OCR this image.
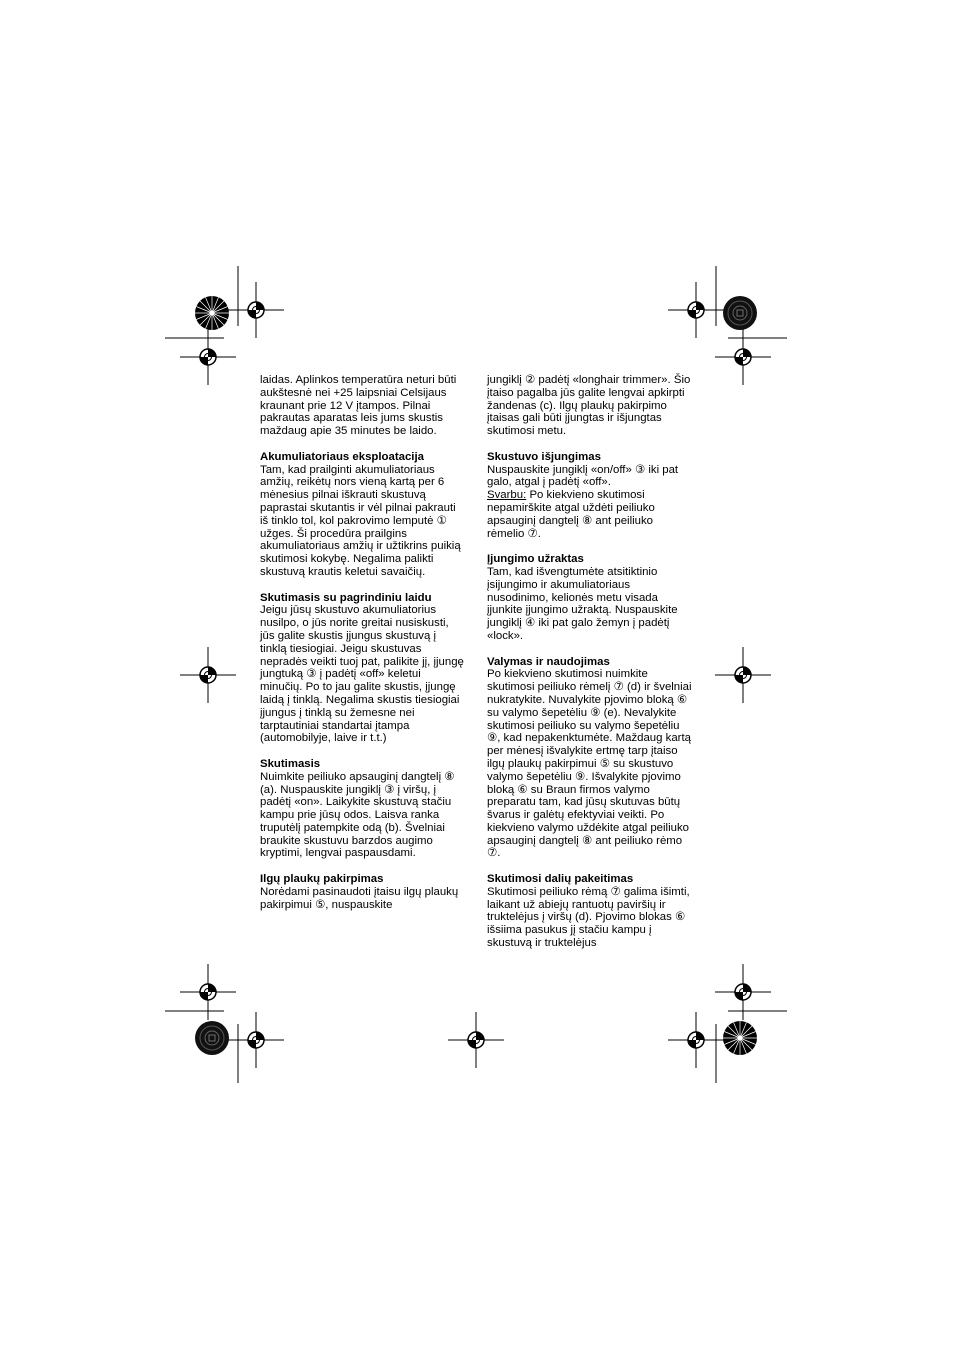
laidas. Aplinkos temperatūra neturi būti aukštesnė nei +25 laipsniai Celsijaus kraunant prie 12 V įtampos. Pilnai pakrautas aparatas leis jums skustis maždaug apie 35 minutes be laido.

Akumuliatoriaus eksploatacija

Tam, kad prailginti akumuliatoriaus amžių, reikėtų nors vieną kartą per 6 mėnesius pilnai iškrauti skustuvą paprastai skutantis ir vėl pilnai pakrauti iš tinklo tol, kol pakrovimo lemputė ① užges. Ši procedūra prailgins akumuliatoriaus amžių ir užtikrins puikią skutimosi kokybę. Negalima palikti skustuvą krautis keletui savaičių.

Skutimasis su pagrindiniu laidu

Jeigu jūsų skustuvo akumuliatorius nusilpo, o jūs norite greitai nusiskusti, jūs galite skustis įjungus skustuvą į tinklą tiesiogiai. Jeigu skustuvas nepradės veikti tuoj pat, palikite jį, įjungę jungtuką ③ į padėtį «off» keletui minučių. Po to jau galite skustis, įjungę laidą į tinklą. Negalima skustis tiesiogiai įjungus į tinklą su žemesne nei tarptautiniai standartai įtampa (automobilyje, laive ir t.t.)

Skutimasis

Nuimkite peiliuko apsauginį dangtelį ⑧ (a). Nuspauskite jungiklį ③ į viršų, į padėtį «on». Laikykite skustuvą stačiu kampu prie jūsų odos. Laisva ranka truputėlį patempkite odą (b). Švelniai braukite skustuvu barzdos augimo kryptimi, lengvai paspausdami.

Ilgų plaukų pakirpimas

Norėdami pasinaudoti įtaisu ilgų plaukų pakirpimui ⑤, nuspauskite

jungiklį ② padėtį «longhair trimmer». Šio įtaiso pagalba jūs galite lengvai apkirpti žandenas (c). Ilgų plaukų pakirpimo įtaisas gali būti įjungtas ir išjungtas skutimosi metu.

Skustuvo išjungimas

Nuspauskite jungiklį «on/off» ③ iki pat galo, atgal į padėtį «off».

Svarbu: Po kiekvieno skutimosi nepamirškite atgal uždėti peiliuko apsauginį dangtelį ⑧ ant peiliuko rėmelio ⑦.

Įjungimo užraktas

Tam, kad išvengtumėte atsitiktinio įsijungimo ir akumuliatoriaus nusodinimo, kelionės metu visada įjunkite įjungimo užraktą. Nuspauskite jungiklį ④ iki pat galo žemyn į padėtį «lock».

Valymas ir naudojimas

Po kiekvieno skutimosi nuimkite skutimosi peiliuko rėmelį ⑦ (d) ir švelniai nukratykite. Nuvalykite pjovimo bloką ⑥ su valymo šepetėliu ⑨ (e). Nevalykite skutimosi peiliuko su valymo šepetėliu ⑨, kad nepakenktumėte. Maždaug kartą per mėnesį išvalykite ertmę tarp įtaiso ilgų plaukų pakirpimui ⑤ su skustuvo valymo šepetėliu ⑨. Išvalykite pjovimo bloką ⑥ su Braun firmos valymo preparatu tam, kad jūsų skutuvas būtų švarus ir galėtų efektyviai veikti. Po kiekvieno valymo uždėkite atgal peiliuko apsauginį dangtelį ⑧ ant peiliuko rėmo ⑦.

Skutimosi dalių pakeitimas

Skutimosi peiliuko rėmą ⑦ galima išimti, laikant už abiejų rantuotų paviršių ir truktelėjus į viršų (d). Pjovimo blokas ⑥ išsiima pasukus jį stačiu kampu į skustuvą ir truktelėjus
